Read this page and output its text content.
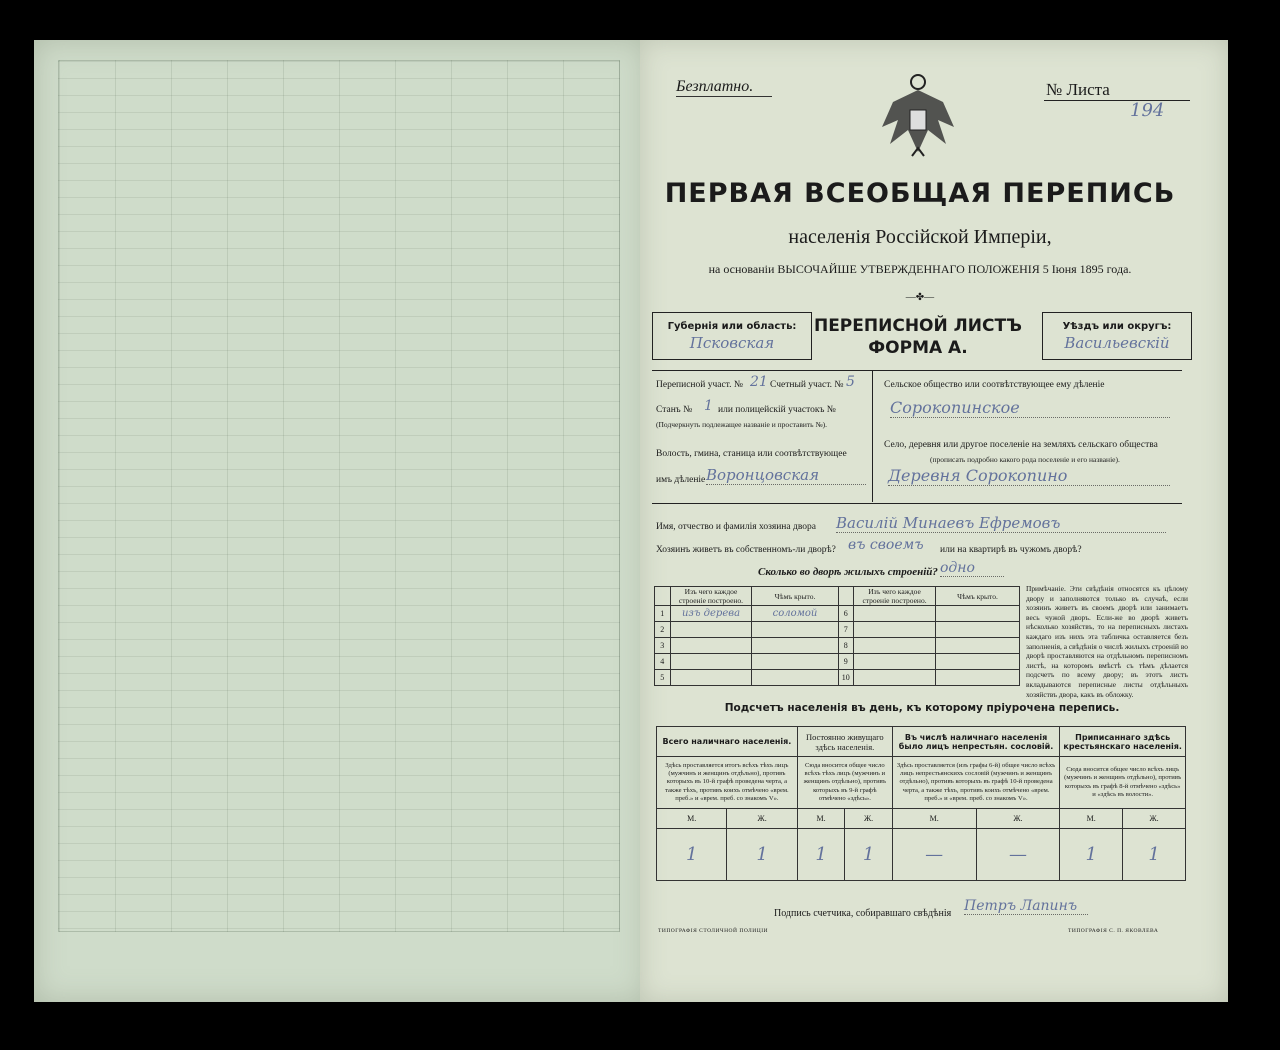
Безплатно.	№ Листа
194
ПЕРВАЯ ВСЕОБЩАЯ ПЕРЕПИСЬ
населенія Россійской Имперіи,
на основаніи ВЫСОЧАЙШЕ УТВЕРЖДЕННАГО ПОЛОЖЕНІЯ 5 Іюня 1895 года.
―✤―
Губернія или область:
Псковская
ПЕРЕПИСНОЙ ЛИСТЪ
ФОРМА А.
Уѣздъ или округъ:
Васильевскій
Переписной участ. № 21 Счетный участ. № 5
Станъ № 1 или полицейскій участокъ №
(Подчеркнуть подлежащее названіе и проставить №).
Волость, гмина, станица или соотвѣтствующее
имъ дѣленіе Воронцовская
Сельское общество или соотвѣтствующее ему дѣленіе
Сорокопинское
Село, деревня или другое поселеніе на земляхъ сельскаго общества
(прописать подробно какого рода поселеніе и его названіе).
Деревня Сорокопино
Имя, отчество и фамилія хозяина двора Василій Минаевъ Ефремовъ
Хозяинъ живетъ въ собственномъ-ли дворѣ? въ своемъ или на квартирѣ въ чужомъ дворѣ?
Сколько во дворѣ жилыхъ строеній? одно
	Изъ чего каждое строеніе построено.	Чѣмъ крыто.		Изъ чего каждое строеніе построено.	Чѣмъ крыто.
1	изъ дерева	соломой	6		
2			7		
3			8		
4			9		
5			10		
Примѣчаніе. Эти свѣдѣнія относятся къ цѣлому двору и заполняются только въ случаѣ, если хозяинъ живетъ въ своемъ дворѣ или занимаетъ весь чужой дворъ. Если-же во дворѣ живетъ нѣсколько хозяйствъ, то на переписныхъ листахъ каждаго изъ нихъ эта табличка оставляется безъ заполненія, а свѣдѣнія о числѣ жилыхъ строеній во дворѣ проставляются на отдѣльномъ переписномъ листѣ, на которомъ вмѣстѣ съ тѣмъ дѣлается подсчетъ по всему двору; въ этотъ листъ вкладываются переписные листы отдѣльныхъ хозяйствъ двора, какъ въ обложку.
Подсчетъ населенія въ день, къ которому пріурочена перепись.
Всего наличнаго населенія.		Постоянно живущаго здѣсь населенія.		Въ числѣ наличнаго населенія было лицъ непрестьян. сословій.		Приписаннаго здѣсь крестьянскаго населенія.	
Здѣсь проставляется итогъ всѣхъ тѣхъ лицъ (мужчинъ и женщинъ отдѣльно), противъ которыхъ въ 10-й графѣ проведена черта, а также тѣхъ, противъ коихъ отмѣчено «врем. преб.» и «врем. преб. со знакомъ V».		Сюда вносится общее число всѣхъ тѣхъ лицъ (мужчинъ и женщинъ отдѣльно), противъ которыхъ въ 9-й графѣ отмѣчено «здѣсь».		Здѣсь проставляется (изъ графы 6-й) общее число всѣхъ лицъ непрестьянскихъ сословій (мужчинъ и женщинъ отдѣльно), противъ которыхъ въ графѣ 10-й проведена черта, а также тѣхъ, противъ коихъ отмѣчено «врем. преб.» и «врем. преб. со знакомъ V».		Сюда вносится общее число всѣхъ лицъ (мужчинъ и женщинъ отдѣльно), противъ которыхъ въ графѣ 8-й отмѣчено «здѣсь» и «здѣсь въ волости».	
М.	Ж.	М.	Ж.	М.	Ж.	М.	Ж.
1	1	1	1	—	—	1	1
Подпись счетчика, собиравшаго свѣдѣнія Петръ Лапинъ
ТИПОГРАФІЯ СТОЛИЧНОЙ ПОЛИЦІИ	ТИПОГРАФІЯ С. П. ЯКОВЛЕВА
